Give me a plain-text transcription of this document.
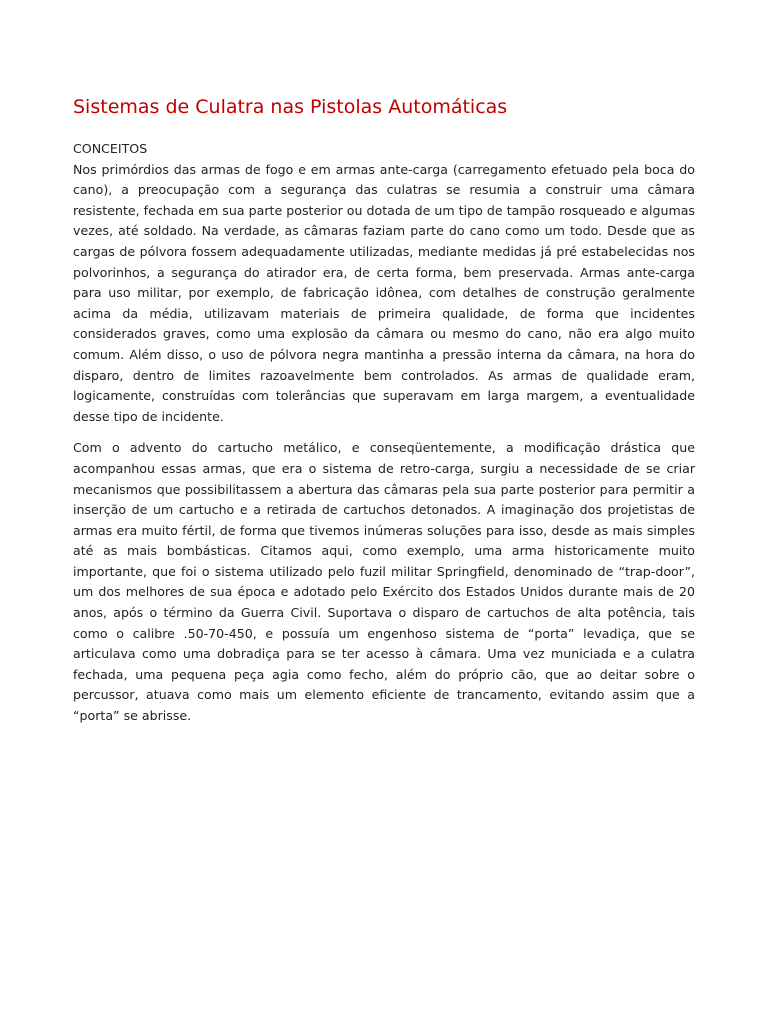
Sistemas de Culatra nas Pistolas Automáticas

CONCEITOS

Nos primórdios das armas de fogo e em armas ante-carga (carregamento efetuado pela boca do cano), a preocupação com a segurança das culatras se resumia a construir uma câmara resistente, fechada em sua parte posterior ou dotada de um tipo de tampão rosqueado e algumas vezes, até soldado. Na verdade, as câmaras faziam parte do cano como um todo. Desde que as cargas de pólvora fossem adequadamente utilizadas, mediante medidas já pré estabelecidas nos polvorinhos, a segurança do atirador era, de certa forma, bem preservada. Armas ante-carga para uso militar, por exemplo, de fabricação idônea, com detalhes de construção geralmente acima da média, utilizavam materiais de primeira qualidade, de forma que incidentes considerados graves, como uma explosão da câmara ou mesmo do cano, não era algo muito comum. Além disso, o uso de pólvora negra mantinha a pressão interna da câmara, na hora do disparo, dentro de limites razoavelmente bem controlados. As armas de qualidade eram, logicamente, construídas com tolerâncias que superavam em larga margem, a eventualidade desse tipo de incidente.

Com o advento do cartucho metálico, e conseqüentemente, a modificação drástica que acompanhou essas armas, que era o sistema de retro-carga, surgiu a necessidade de se criar mecanismos que possibilitassem a abertura das câmaras pela sua parte posterior para permitir a inserção de um cartucho e a retirada de cartuchos detonados. A imaginação dos projetistas de armas era muito fértil, de forma que tivemos inúmeras soluções para isso, desde as mais simples até as mais bombásticas. Citamos aqui, como exemplo, uma arma historicamente muito importante, que foi o sistema utilizado pelo fuzil militar Springfield, denominado de “trap-door”, um dos melhores de sua época e adotado pelo Exército dos Estados Unidos durante mais de 20 anos, após o término da Guerra Civil. Suportava o disparo de cartuchos de alta potência, tais como o calibre .50-70-450, e possuía um engenhoso sistema de “porta” levadiça, que se articulava como uma dobradiça para se ter acesso à câmara. Uma vez municiada e a culatra fechada, uma pequena peça agia como fecho, além do próprio cão, que ao deitar sobre o percussor, atuava como mais um elemento eficiente de trancamento, evitando assim que a “porta” se abrisse.
